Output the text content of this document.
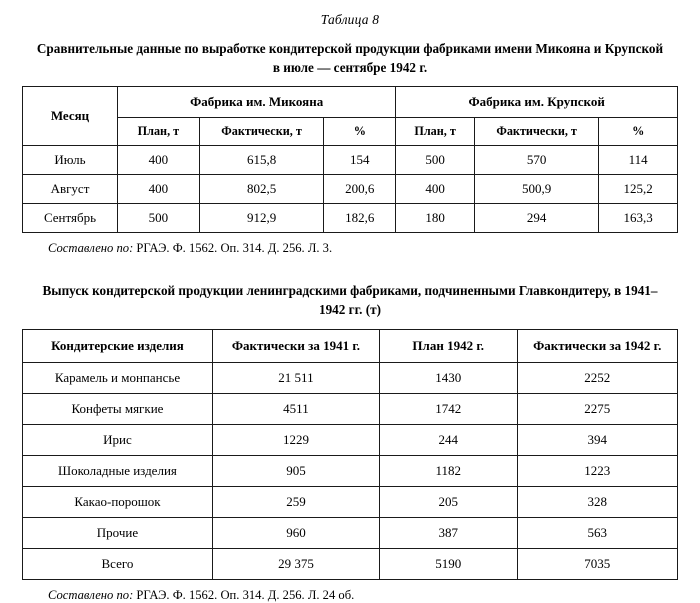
Таблица 8
Сравнительные данные по выработке кондитерской продукции фабриками имени Микояна и Крупской в июле — сентябре 1942 г.
Месяц	Фабрика им. Микояна			Фабрика им. Крупской		
	План, т	Фактически, т	%	План, т	Фактически, т	%
Июль	400	615,8	154	500	570	114
Август	400	802,5	200,6	400	500,9	125,2
Сентябрь	500	912,9	182,6	180	294	163,3
Составлено по: РГАЭ. Ф. 1562. Оп. 314. Д. 256. Л. 3.
Выпуск кондитерской продукции ленинградскими фабриками, подчиненными Главкондитеру, в 1941–1942 гг. (т)
Кондитерские изделия	Фактически за 1941 г.	План 1942 г.	Фактически за 1942 г.
Карамель и монпансье	21 511	1430	2252
Конфеты мягкие	4511	1742	2275
Ирис	1229	244	394
Шоколадные изделия	905	1182	1223
Какао-порошок	259	205	328
Прочие	960	387	563
Всего	29 375	5190	7035
Составлено по: РГАЭ. Ф. 1562. Оп. 314. Д. 256. Л. 24 об.
